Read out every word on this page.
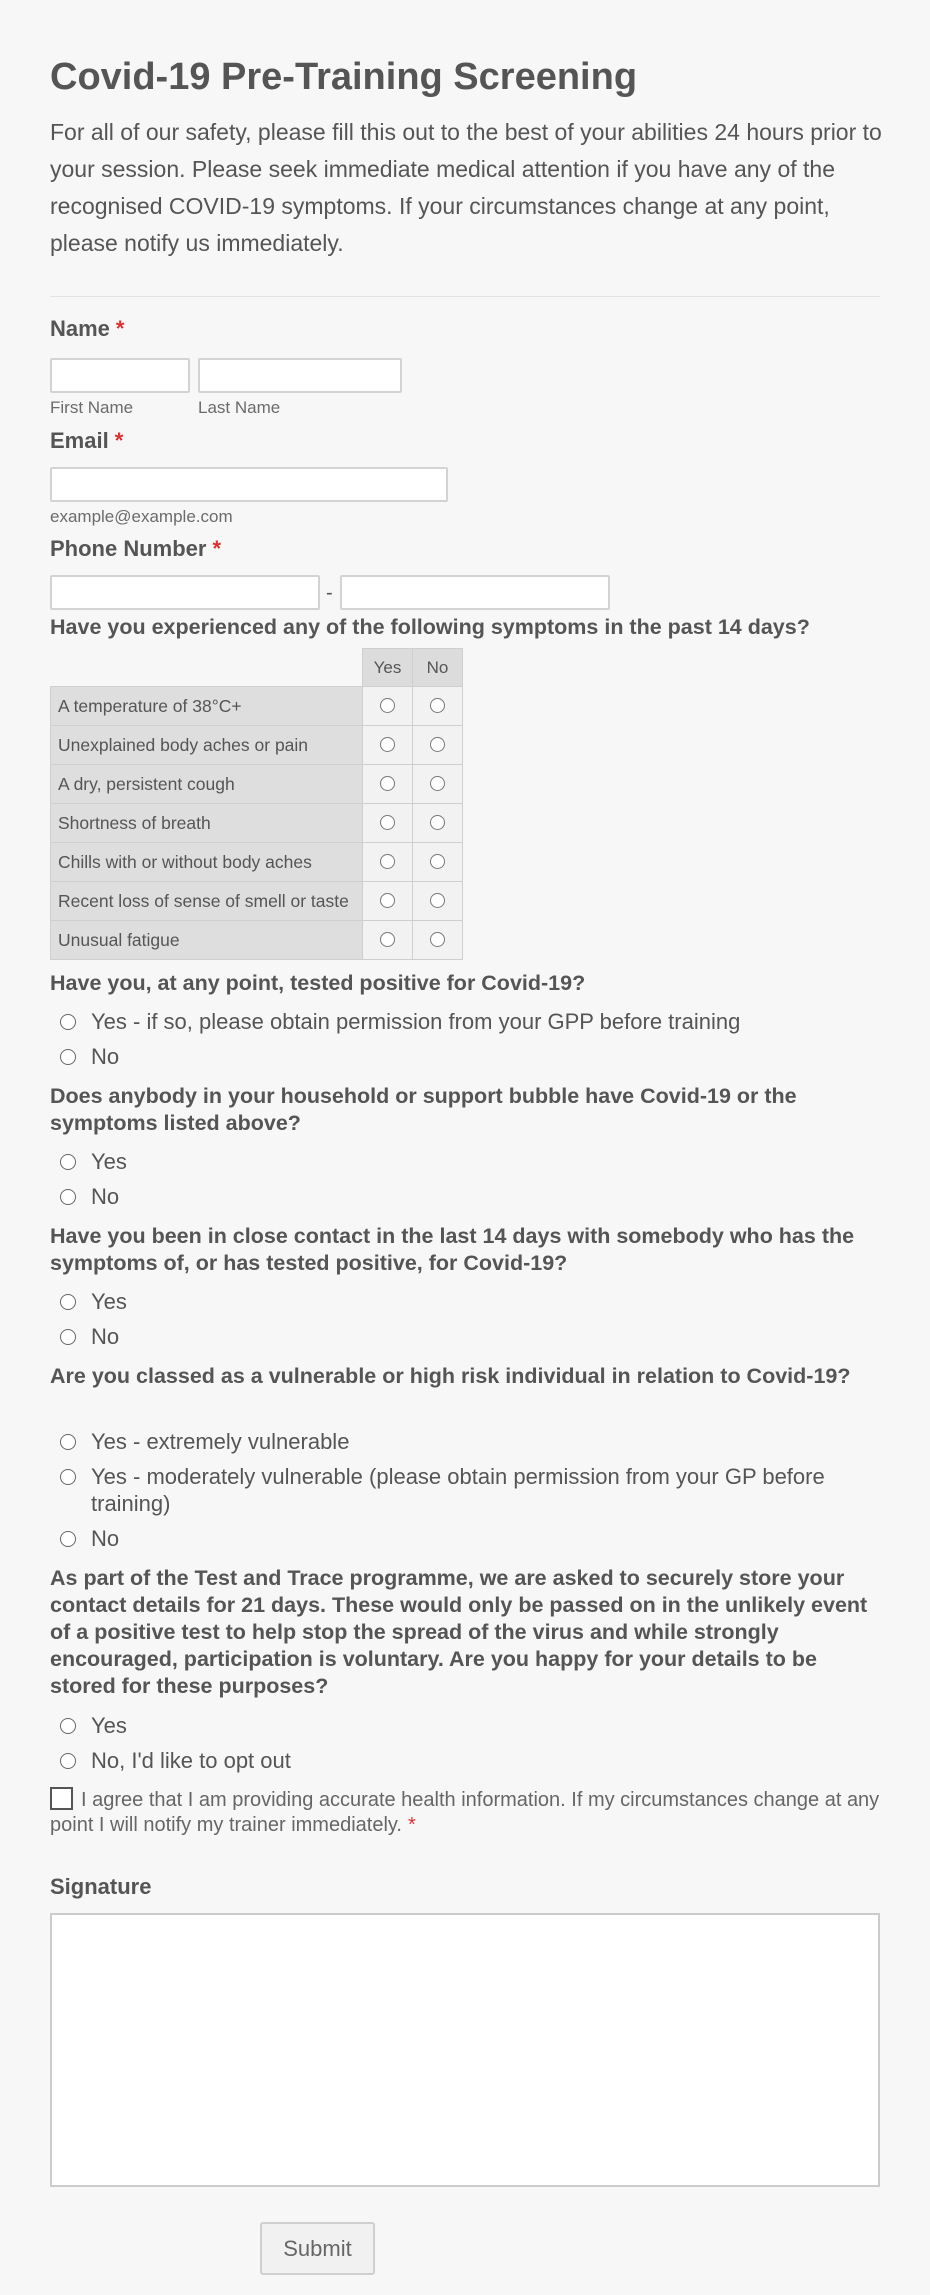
Covid-19 Pre-Training Screening

For all of our safety, please fill this out to the best of your abilities 24 hours prior to your session. Please seek immediate medical attention if you have any of the recognised COVID-19 symptoms. If your circumstances change at any point, please notify us immediately.

Name *
First Name	Last Name
Email *
example@example.com
Phone Number *
-
Have you experienced any of the following symptoms in the past 14 days?
	Yes	No
A temperature of 38°C+		
Unexplained body aches or pain		
A dry, persistent cough		
Shortness of breath		
Chills with or without body aches		
Recent loss of sense of smell or taste		
Unusual fatigue		
Have you, at any point, tested positive for Covid-19?
Yes - if so, please obtain permission from your GPP before training
No
Does anybody in your household or support bubble have Covid-19 or the symptoms listed above?
Yes
No
Have you been in close contact in the last 14 days with somebody who has the symptoms of, or has tested positive, for Covid-19?
Yes
No
Are you classed as a vulnerable or high risk individual in relation to Covid-19?
Yes - extremely vulnerable
Yes - moderately vulnerable (please obtain permission from your GP before training)
No
As part of the Test and Trace programme, we are asked to securely store your contact details for 21 days. These would only be passed on in the unlikely event of a positive test to help stop the spread of the virus and while strongly encouraged, participation is voluntary. Are you happy for your details to be stored for these purposes?
Yes
No, I'd like to opt out
I agree that I am providing accurate health information. If my circumstances change at any point I will notify my trainer immediately. *
Signature
Submit
